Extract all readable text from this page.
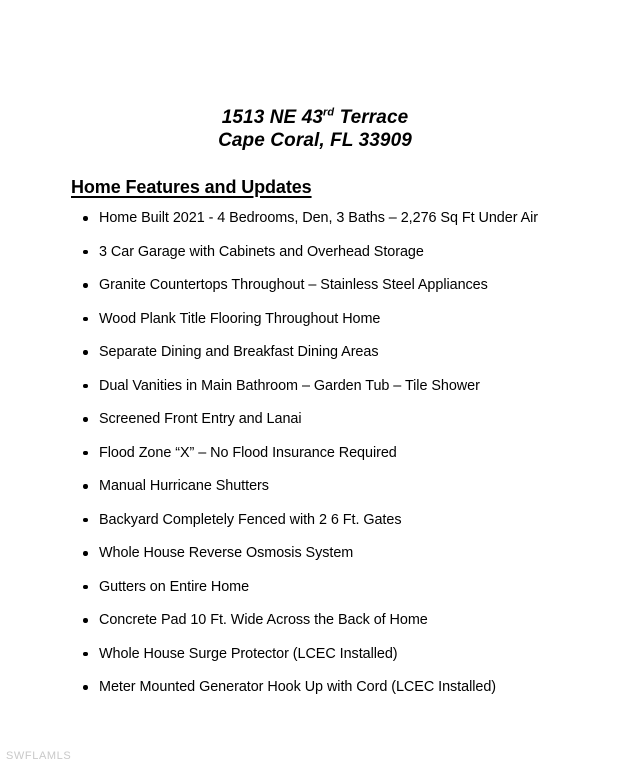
1513 NE 43rd Terrace
Cape Coral, FL 33909
Home Features and Updates
Home Built 2021 - 4 Bedrooms, Den, 3 Baths – 2,276 Sq Ft Under Air
3 Car Garage with Cabinets and Overhead Storage
Granite Countertops Throughout – Stainless Steel Appliances
Wood Plank Title Flooring Throughout Home
Separate Dining and Breakfast Dining Areas
Dual Vanities in Main Bathroom – Garden Tub – Tile Shower
Screened Front Entry and Lanai
Flood Zone “X” – No Flood Insurance Required
Manual Hurricane Shutters
Backyard Completely Fenced with 2 6 Ft. Gates
Whole House Reverse Osmosis System
Gutters on Entire Home
Concrete Pad 10 Ft. Wide Across the Back of Home
Whole House Surge Protector (LCEC Installed)
Meter Mounted Generator Hook Up with Cord (LCEC Installed)
SWFLAMLS
